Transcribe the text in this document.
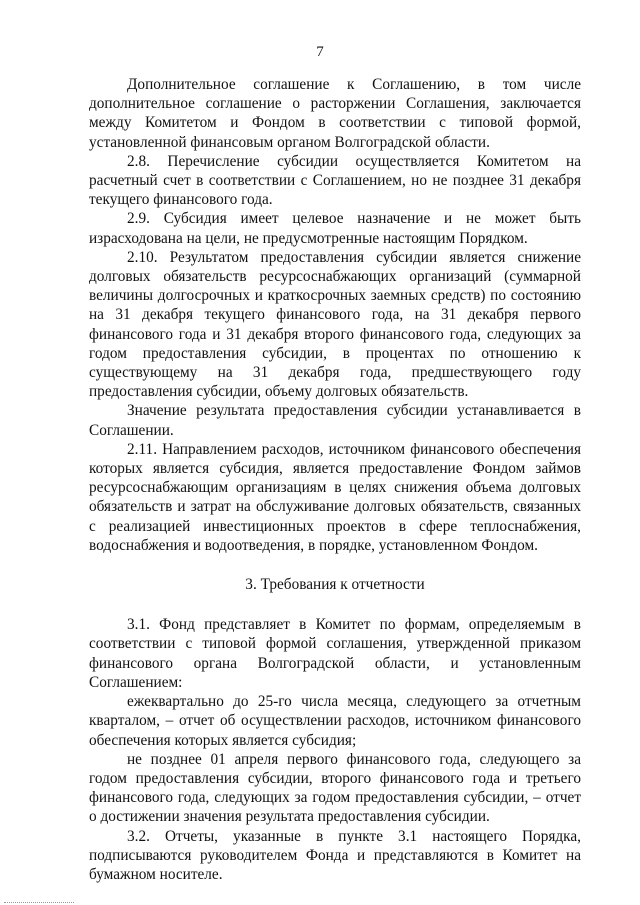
7

Дополнительное соглашение к Соглашению, в том числе дополнительное соглашение о расторжении Соглашения, заключается между Комитетом и Фондом в соответствии с типовой формой, установленной финансовым органом Волгоградской области.

2.8. Перечисление субсидии осуществляется Комитетом на расчетный счет в соответствии с Соглашением, но не позднее 31 декабря текущего финансового года.

2.9. Субсидия имеет целевое назначение и не может быть израсходована на цели, не предусмотренные настоящим Порядком.

2.10. Результатом предоставления субсидии является снижение долговых обязательств ресурсоснабжающих организаций (суммарной величины долгосрочных и краткосрочных заемных средств) по состоянию на 31 декабря текущего финансового года, на 31 декабря первого финансового года и 31 декабря второго финансового года, следующих за годом предоставления субсидии, в процентах по отношению к существующему на 31 декабря года, предшествующего году предоставления субсидии, объему долговых обязательств.

Значение результата предоставления субсидии устанавливается в Соглашении.

2.11. Направлением расходов, источником финансового обеспечения которых является субсидия, является предоставление Фондом займов ресурсоснабжающим организациям в целях снижения объема долговых обязательств и затрат на обслуживание долговых обязательств, связанных с реализацией инвестиционных проектов в сфере теплоснабжения, водоснабжения и водоотведения, в порядке, установленном Фондом.

3. Требования к отчетности

3.1. Фонд представляет в Комитет по формам, определяемым в соответствии с типовой формой соглашения, утвержденной приказом финансового органа Волгоградской области, и установленным Соглашением:

ежеквартально до 25-го числа месяца, следующего за отчетным кварталом, – отчет об осуществлении расходов, источником финансового обеспечения которых является субсидия;

не позднее 01 апреля первого финансового года, следующего за годом предоставления субсидии, второго финансового года и третьего финансового года, следующих за годом предоставления субсидии, – отчет о достижении значения результата предоставления субсидии.

3.2. Отчеты, указанные в пункте 3.1 настоящего Порядка, подписываются руководителем Фонда и представляются в Комитет на бумажном носителе.
